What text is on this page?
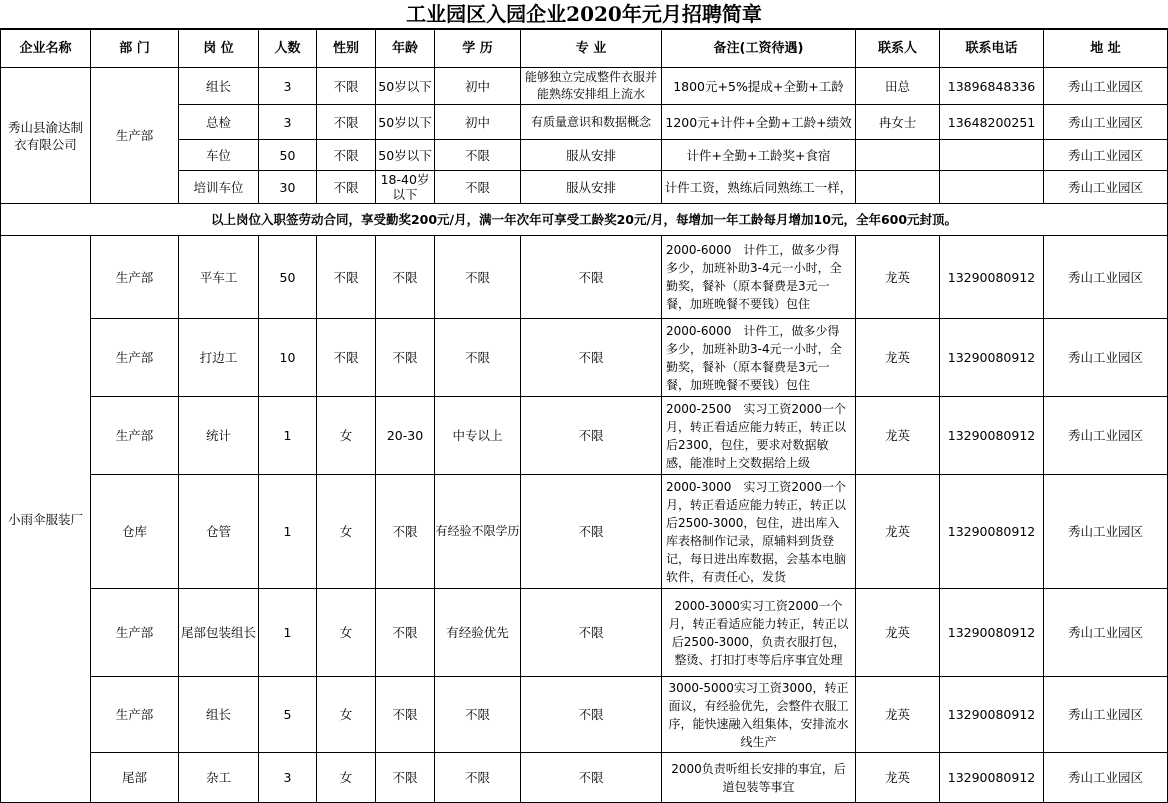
工业园区入园企业2020年元月招聘简章
企业名称	部 门	岗 位	人数	性别	年龄	学 历	专 业	备注(工资待遇)	联系人	联系电话	地 址
秀山县渝达制衣有限公司	生产部	组长	3	不限	50岁以下	初中	能够独立完成整件衣服并能熟练安排组上流水	1800元+5%提成+全勤+工龄	田总	13896848336	秀山工业园区
		总检	3	不限	50岁以下	初中	有质量意识和数据概念	1200元+计件+全勤+工龄+绩效	冉女士	13648200251	秀山工业园区
		车位	50	不限	50岁以下	不限	服从安排	计件+全勤+工龄奖+食宿			秀山工业园区
		培训车位	30	不限	18-40岁以下	不限	服从安排	计件工资，熟练后同熟练工一样，			秀山工业园区
以上岗位入职签劳动合同，享受勤奖200元/月，满一年次年可享受工龄奖20元/月，每增加一年工龄每月增加10元，全年600元封顶。											
小雨伞服装厂	生产部	平车工	50	不限	不限	不限	不限	2000-6000　计件工，做多少得多少，加班补助3-4元一小时，全勤奖，餐补（原本餐费是3元一餐，加班晚餐不要钱）包住	龙英	13290080912	秀山工业园区
	生产部	打边工	10	不限	不限	不限	不限	2000-6000　计件工，做多少得多少，加班补助3-4元一小时，全勤奖，餐补（原本餐费是3元一餐，加班晚餐不要钱）包住	龙英	13290080912	秀山工业园区
	生产部	统计	1	女	20-30	中专以上	不限	2000-2500　实习工资2000一个月，转正看适应能力转正，转正以后2300，包住，要求对数据敏感，能准时上交数据给上级	龙英	13290080912	秀山工业园区
	仓库	仓管	1	女	不限	有经验不限学历	不限	2000-3000　实习工资2000一个月，转正看适应能力转正，转正以后2500-3000，包住，进出库入库表格制作记录，原辅料到货登记，每日进出库数据，会基本电脑软件，有责任心，发货	龙英	13290080912	秀山工业园区
	生产部	尾部包装组长	1	女	不限	有经验优先	不限	2000-3000实习工资2000一个月，转正看适应能力转正，转正以后2500-3000，负责衣服打包，整烫、打扣打枣等后序事宜处理	龙英	13290080912	秀山工业园区
	生产部	组长	5	女	不限	不限	不限	3000-5000实习工资3000，转正面议，有经验优先，会整件衣服工序，能快速融入组集体，安排流水线生产	龙英	13290080912	秀山工业园区
	尾部	杂工	3	女	不限	不限	不限	2000负责听组长安排的事宜，后道包装等事宜	龙英	13290080912	秀山工业园区
